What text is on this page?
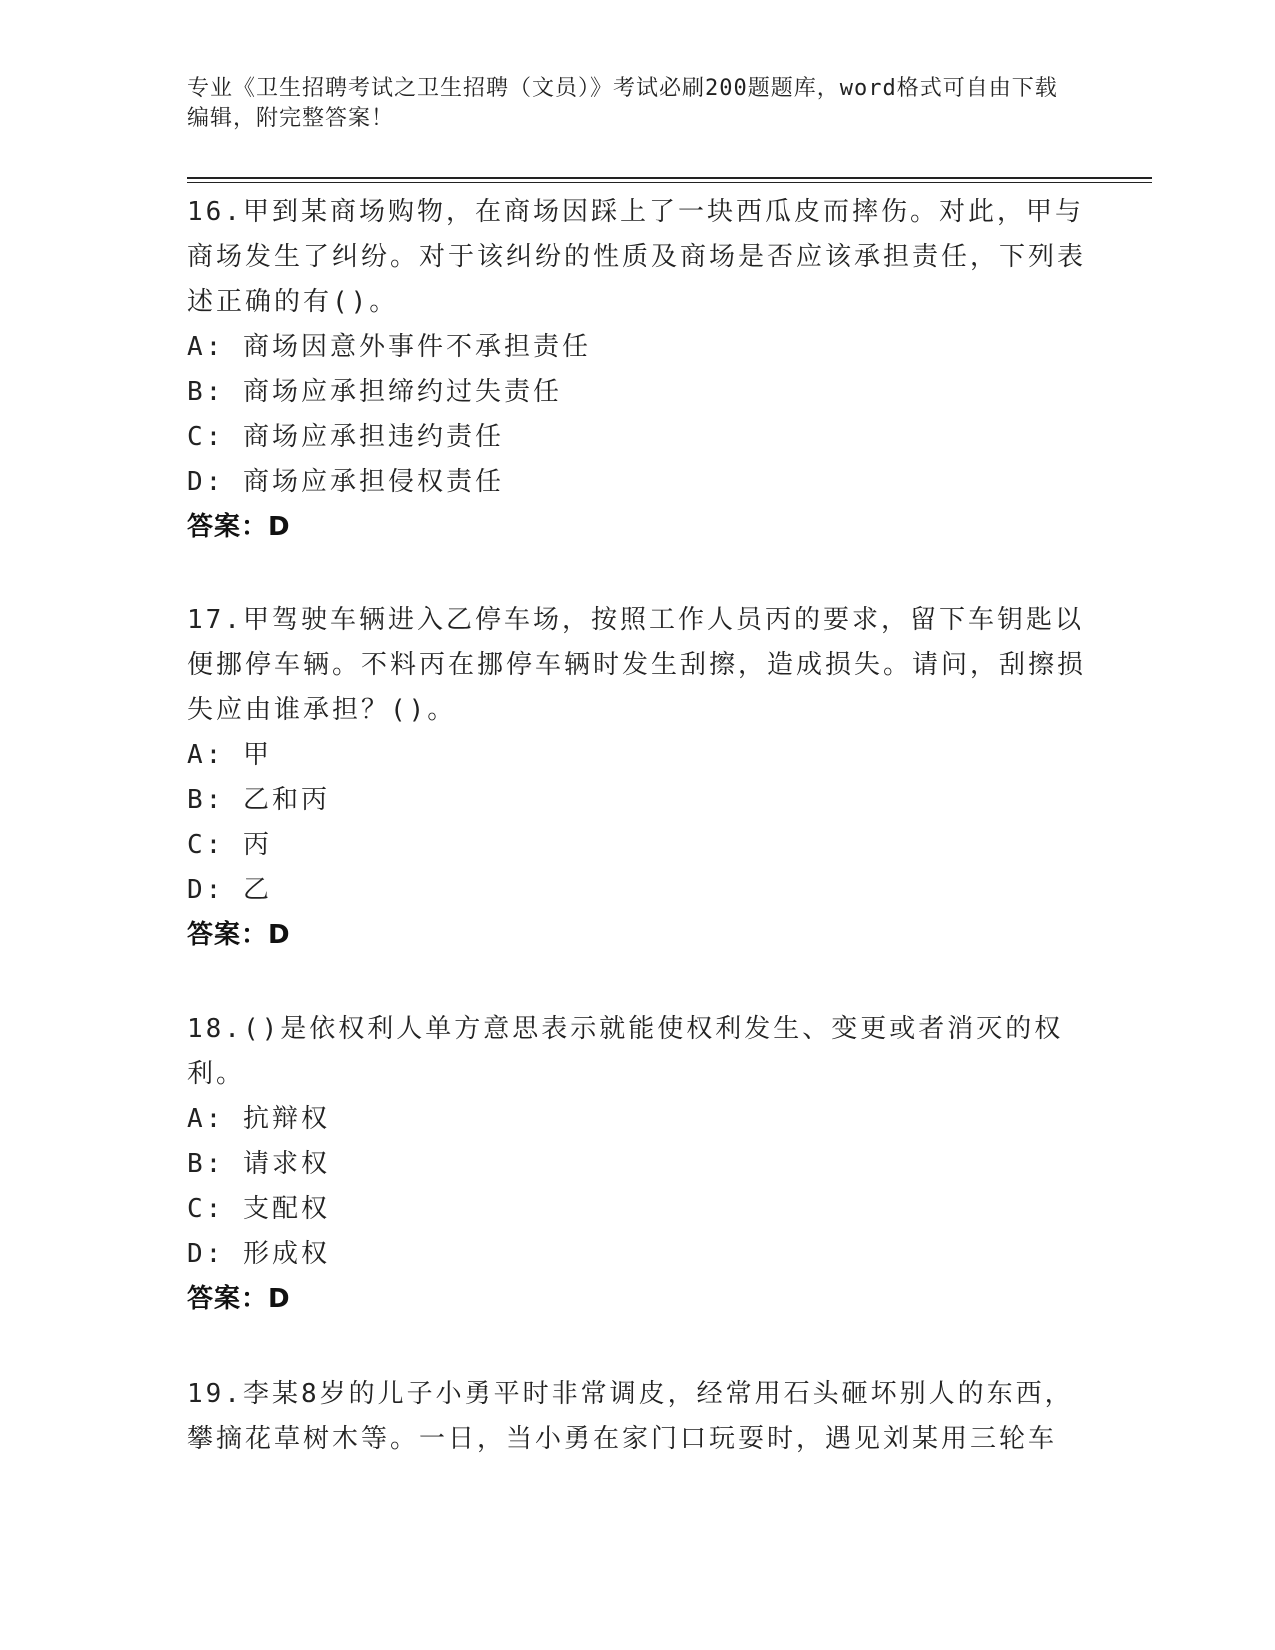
专业《卫生招聘考试之卫生招聘（文员）》考试必刷200题题库，word格式可自由下载编辑，附完整答案！

16.甲到某商场购物，在商场因踩上了一块西瓜皮而摔伤。对此，甲与商场发生了纠纷。对于该纠纷的性质及商场是否应该承担责任，下列表述正确的有()。

A: 商场因意外事件不承担责任

B: 商场应承担缔约过失责任

C: 商场应承担违约责任

D: 商场应承担侵权责任

答案：D

17.甲驾驶车辆进入乙停车场，按照工作人员丙的要求，留下车钥匙以便挪停车辆。不料丙在挪停车辆时发生刮擦，造成损失。请问，刮擦损失应由谁承担？()。

A: 甲

B: 乙和丙

C: 丙

D: 乙

答案：D

18.()是依权利人单方意思表示就能使权利发生、变更或者消灭的权利。

A: 抗辩权

B: 请求权

C: 支配权

D: 形成权

答案：D

19.李某8岁的儿子小勇平时非常调皮，经常用石头砸坏别人的东西，攀摘花草树木等。一日，当小勇在家门口玩耍时，遇见刘某用三轮车
